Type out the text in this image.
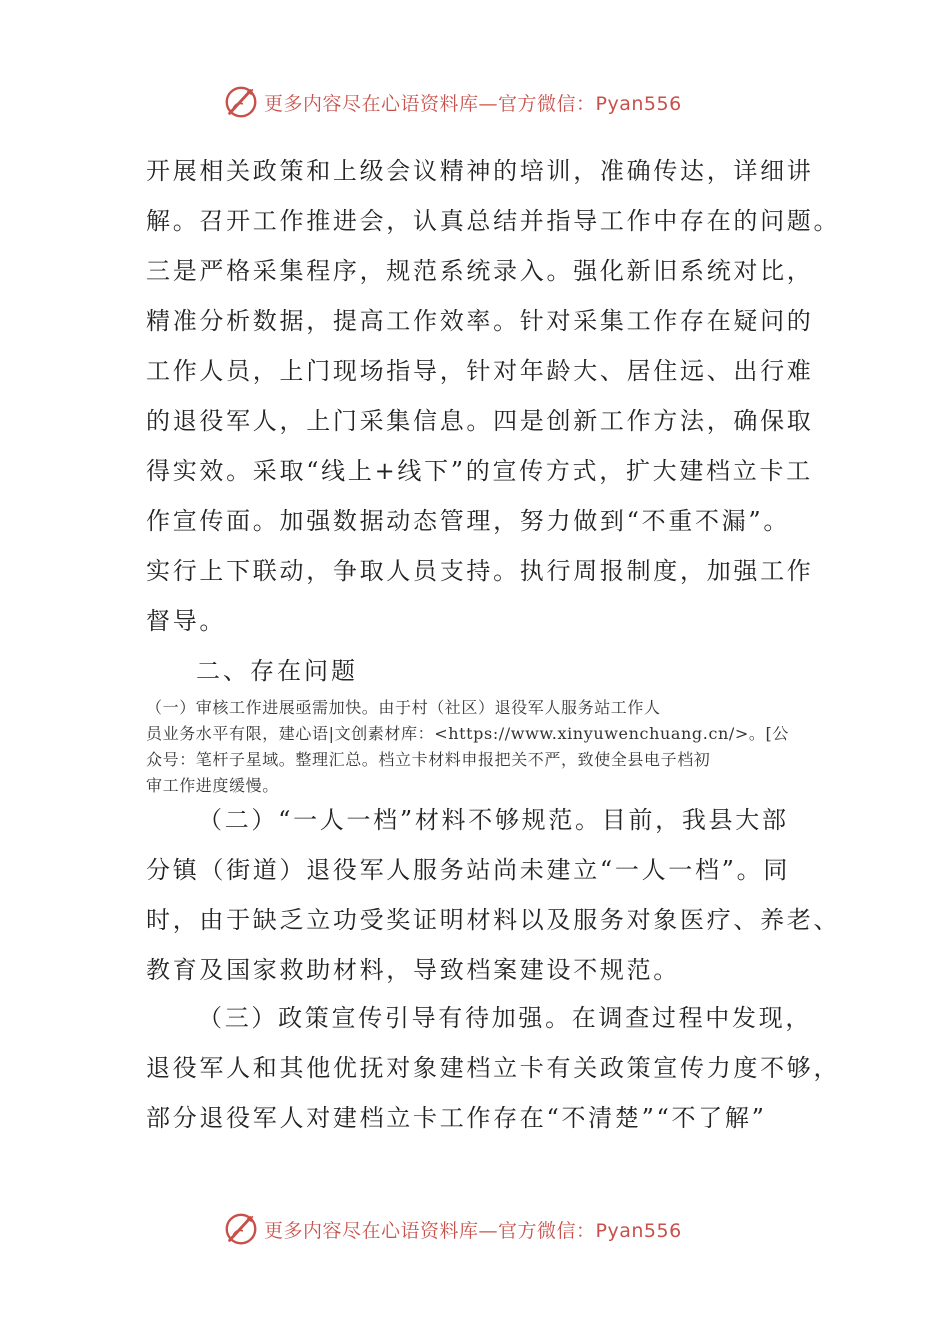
更多内容尽在心语资料库—官方微信：Pyan556

开展相关政策和上级会议精神的培训，准确传达，详细讲
解。召开工作推进会，认真总结并指导工作中存在的问题。
三是严格采集程序，规范系统录入。强化新旧系统对比，
精准分析数据，提高工作效率。针对采集工作存在疑问的
工作人员，上门现场指导，针对年龄大、居住远、出行难
的退役军人，上门采集信息。四是创新工作方法，确保取
得实效。采取“线上+线下”的宣传方式，扩大建档立卡工
作宣传面。加强数据动态管理，努力做到“不重不漏”。
实行上下联动，争取人员支持。执行周报制度，加强工作
督导。

二、存在问题

（一）审核工作进展亟需加快。由于村（社区）退役军人服务站工作人
员业务水平有限，建心语|文创素材库：<https://www.xinyuwenchuang.cn/>。[公
众号：笔杆子星域。整理汇总。档立卡材料申报把关不严，致使全县电子档初
审工作进度缓慢。

（二）“一人一档”材料不够规范。目前，我县大部
分镇（街道）退役军人服务站尚未建立“一人一档”。同
时，由于缺乏立功受奖证明材料以及服务对象医疗、养老、
教育及国家救助材料，导致档案建设不规范。

（三）政策宣传引导有待加强。在调查过程中发现，
退役军人和其他优抚对象建档立卡有关政策宣传力度不够，
部分退役军人对建档立卡工作存在“不清楚”“不了解”

更多内容尽在心语资料库—官方微信：Pyan556
